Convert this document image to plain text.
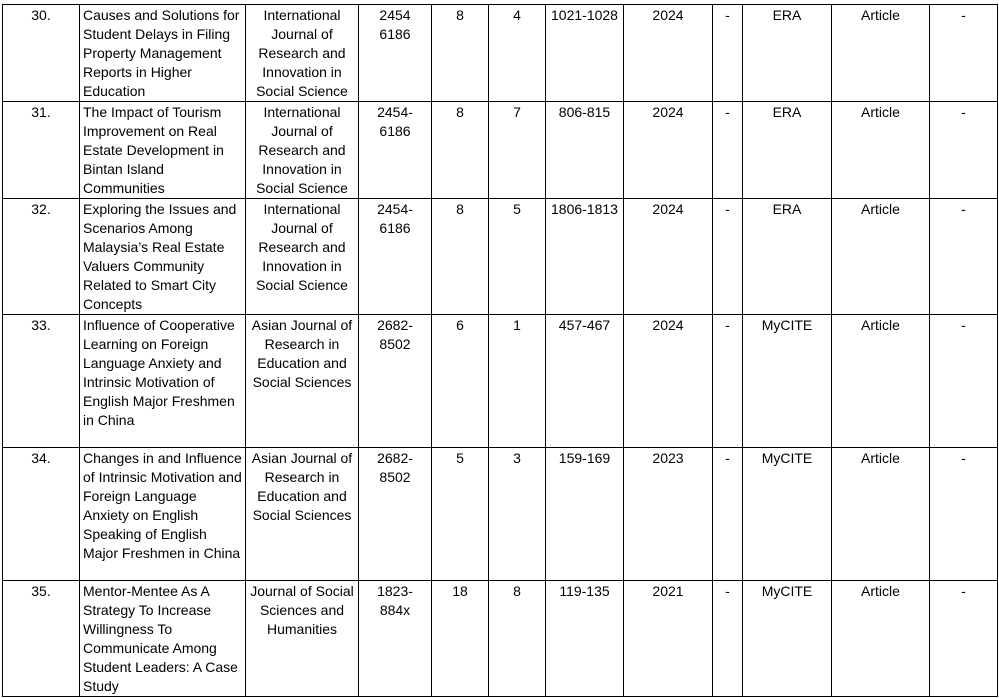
30.	Causes and Solutions for Student Delays in Filing Property Management Reports in Higher Education	International Journal of Research and Innovation in Social Science	2454 6186	8	4	1021-1028	2024	-	ERA	Article	-
31.	The Impact of Tourism Improvement on Real Estate Development in Bintan Island Communities	International Journal of Research and Innovation in Social Science	2454-6186	8	7	806-815	2024	-	ERA	Article	-
32.	Exploring the Issues and Scenarios Among Malaysia’s Real Estate Valuers Community Related to Smart City Concepts	International Journal of Research and Innovation in Social Science	2454-6186	8	5	1806-1813	2024	-	ERA	Article	-
33.	Influence of Cooperative Learning on Foreign Language Anxiety and Intrinsic Motivation of English Major Freshmen in China	Asian Journal of Research in Education and Social Sciences	2682-8502	6	1	457-467	2024	-	MyCITE	Article	-
34.	Changes in and Influence of Intrinsic Motivation and Foreign Language Anxiety on English Speaking of English Major Freshmen in China	Asian Journal of Research in Education and Social Sciences	2682-8502	5	3	159-169	2023	-	MyCITE	Article	-
35.	Mentor-Mentee As A Strategy To Increase Willingness To Communicate Among Student Leaders: A Case Study	Journal of Social Sciences and Humanities	1823-884x	18	8	119-135	2021	-	MyCITE	Article	-
